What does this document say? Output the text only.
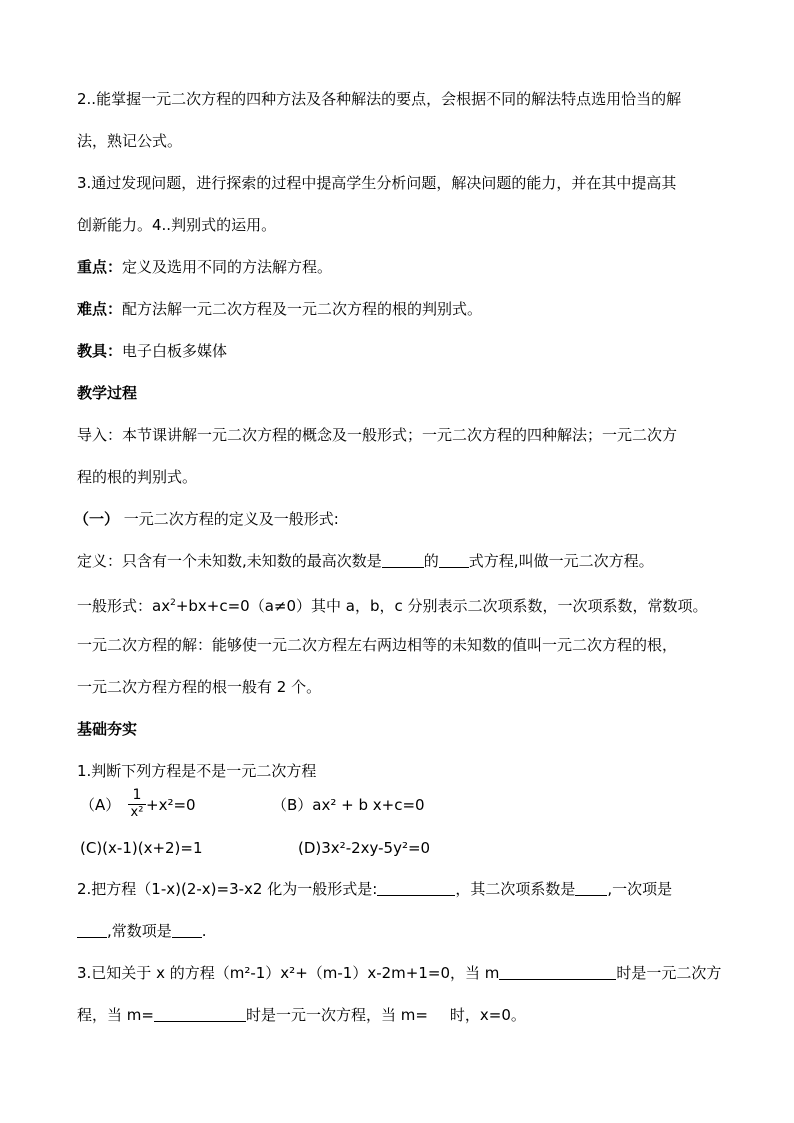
2..能掌握一元二次方程的四种方法及各种解法的要点，会根据不同的解法特点选用恰当的解
法，熟记公式。
3.通过发现问题，进行探索的过程中提高学生分析问题，解决问题的能力，并在其中提高其
创新能力。4..判别式的运用。
重点：定义及选用不同的方法解方程。
难点：配方法解一元二次方程及一元二次方程的根的判别式。
教具：电子白板多媒体
教学过程
导入：本节课讲解一元二次方程的概念及一般形式；一元二次方程的四种解法；一元二次方
程的根的判别式。
（一） 一元二次方程的定义及一般形式:
定义：只含有一个未知数,未知数的最高次数是	的 式方程,叫做一元二次方程。
一般形式：$ax^2+bx+c=0(a\ne 0)$其中 a，b，c 分别表示二次项系数，一次项系数，常数项。
一元二次方程的解：能够使一元二次方程左右两边相等的未知数的值叫一元二次方程的根，
一元二次方程方程的根一般有 2 个。
基础夯实
1.判断下列方程是不是一元二次方程
（A）
1
x² +x²=0	（B）ax² + b x+c=0
(C)(x-1)(x+2)=1	(D)3x²-2xy-5y²=0
2.把方程（1-x)(2-x)=3-x2 化为一般形式是:	，其二次项系数是 ,一次项是
,常数项是 .
3.已知关于 x 的方程（m²-1）x²+（m-1）x-2m+1=0，当 m	时是一元二次方
程，当 m=	时是一元一次方程，当 m= 时，x=0。
